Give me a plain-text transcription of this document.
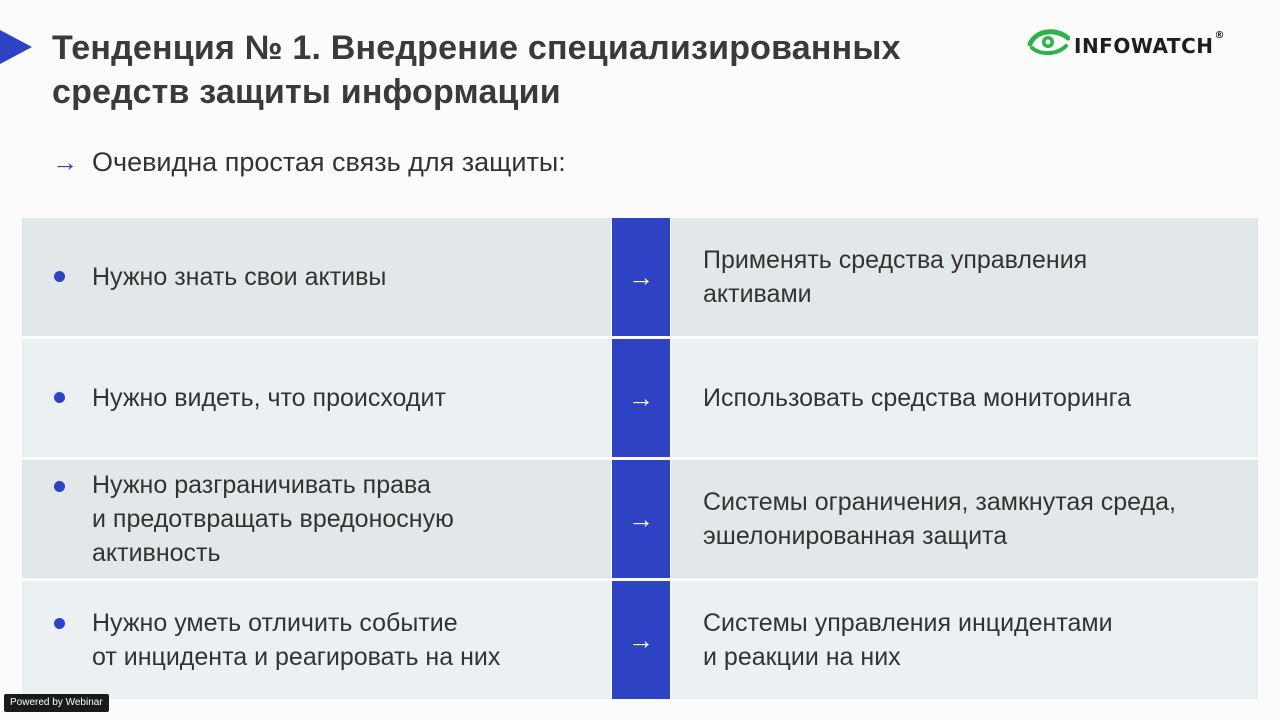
Тенденция № 1. Внедрение специализированных
средств защиты информации
INFOWATCH®
→ Очевидна простая связь для защиты:
Нужно знать свои активы	→
Применять средства управления
активами
Нужно видеть, что происходит	→ Использовать средства мониторинга
Нужно разграничивать права
и предотвращать вредоносную
активность
→
Системы ограничения, замкнутая среда,
эшелонированная защита
Нужно уметь отличить событие
от инцидента и реагировать на них
→
Системы управления инцидентами
и реакции на них
Powered by Webinar
